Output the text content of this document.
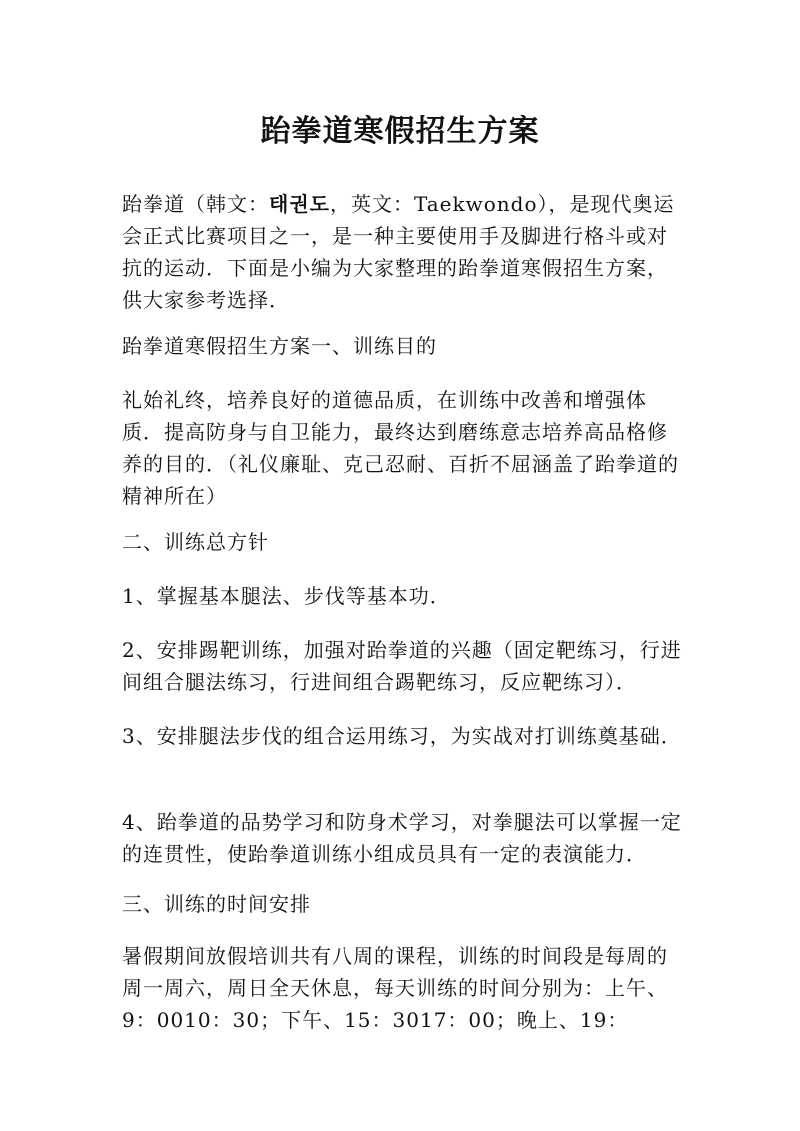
跆拳道寒假招生方案
跆拳道（韩文：태권도，英文：Taekwondo），是现代奥运会正式比赛项目之一，是一种主要使用手及脚进行格斗或对抗的运动．下面是小编为大家整理的跆拳道寒假招生方案，供大家参考选择．
跆拳道寒假招生方案一、训练目的
礼始礼终，培养良好的道德品质，在训练中改善和增强体质．提高防身与自卫能力，最终达到磨练意志培养高品格修养的目的．（礼仪廉耻、克己忍耐、百折不屈涵盖了跆拳道的精神所在）
二、训练总方针
1、掌握基本腿法、步伐等基本功．
2、安排踢靶训练，加强对跆拳道的兴趣（固定靶练习，行进间组合腿法练习，行进间组合踢靶练习，反应靶练习）．
3、安排腿法步伐的组合运用练习，为实战对打训练奠基础．
4、跆拳道的品势学习和防身术学习，对拳腿法可以掌握一定的连贯性，使跆拳道训练小组成员具有一定的表演能力．
三、训练的时间安排
暑假期间放假培训共有八周的课程，训练的时间段是每周的周一周六，周日全天休息，每天训练的时间分别为：上午、9：0010：30；下午、15：3017：00；晚上、19：
